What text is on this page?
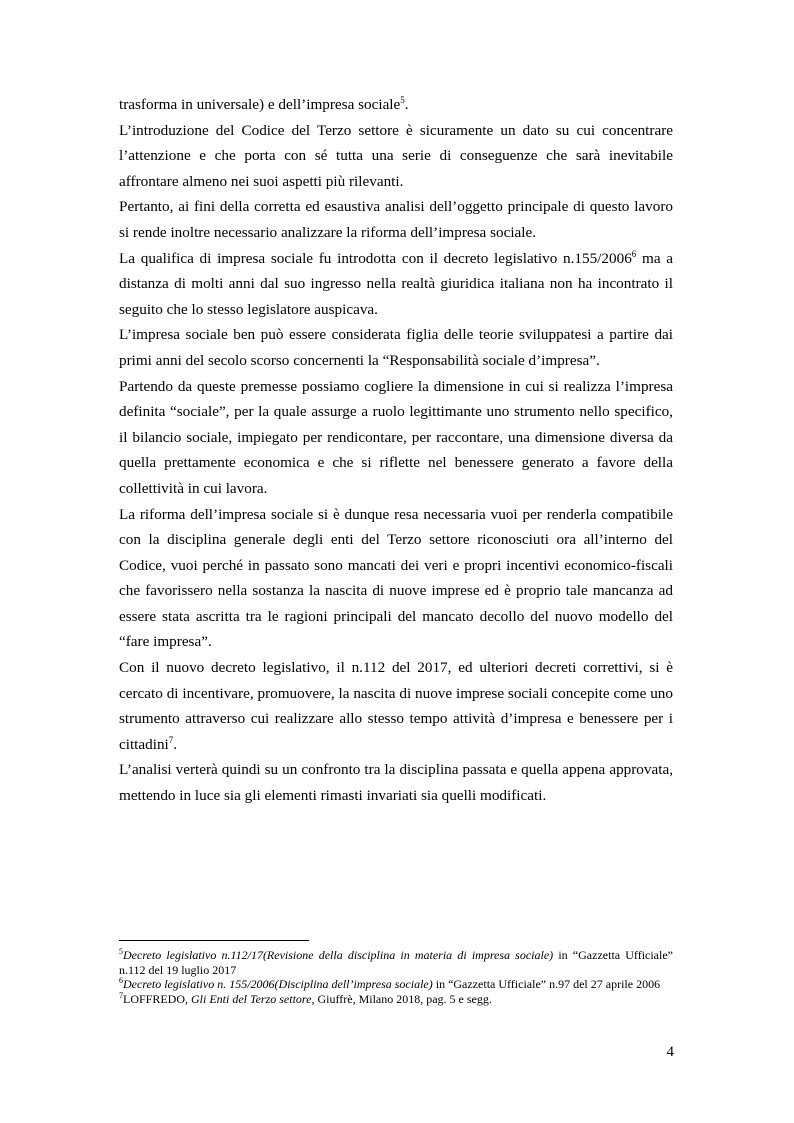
trasforma in universale) e dell’impresa sociale$^5$.

L’introduzione del Codice del Terzo settore è sicuramente un dato su cui concentrare l’attenzione e che porta con sé tutta una serie di conseguenze che sarà inevitabile affrontare almeno nei suoi aspetti più rilevanti.

Pertanto, ai fini della corretta ed esaustiva analisi dell’oggetto principale di questo lavoro si rende inoltre necessario analizzare la riforma dell’impresa sociale.

La qualifica di impresa sociale fu introdotta con il decreto legislativo n.155/2006$^6$ ma a distanza di molti anni dal suo ingresso nella realtà giuridica italiana non ha incontrato il seguito che lo stesso legislatore auspicava.

L’impresa sociale ben può essere considerata figlia delle teorie sviluppatesi a partire dai primi anni del secolo scorso concernenti la “Responsabilità sociale d’impresa”.

Partendo da queste premesse possiamo cogliere la dimensione in cui si realizza l’impresa definita “sociale”, per la quale assurge a ruolo legittimante uno strumento nello specifico, il bilancio sociale, impiegato per rendicontare, per raccontare, una dimensione diversa da quella prettamente economica e che si riflette nel benessere generato a favore della collettività in cui lavora.

La riforma dell’impresa sociale si è dunque resa necessaria vuoi per renderla compatibile con la disciplina generale degli enti del Terzo settore riconosciuti ora all’interno del Codice, vuoi perché in passato sono mancati dei veri e propri incentivi economico-fiscali che favorissero nella sostanza la nascita di nuove imprese ed è proprio tale mancanza ad essere stata ascritta tra le ragioni principali del mancato decollo del nuovo modello del “fare impresa”.

Con il nuovo decreto legislativo, il n.112 del 2017, ed ulteriori decreti correttivi, si è cercato di incentivare, promuovere, la nascita di nuove imprese sociali concepite come uno strumento attraverso cui realizzare allo stesso tempo attività d’impresa e benessere per i cittadini$^7$.

L’analisi verterà quindi su un confronto tra la disciplina passata e quella appena approvata, mettendo in luce sia gli elementi rimasti invariati sia quelli modificati.

$^5$Decreto legislativo n.112/17(Revisione della disciplina in materia di impresa sociale) in “Gazzetta Ufficiale” n.112 del 19 luglio 2017

$^6$Decreto legislativo n. 155/2006(Disciplina dell’impresa sociale) in “Gazzetta Ufficiale” n.97 del 27 aprile 2006

$^7$LOFFREDO, Gli Enti del Terzo settore, Giuffrè, Milano 2018, pag. 5 e segg.

4
